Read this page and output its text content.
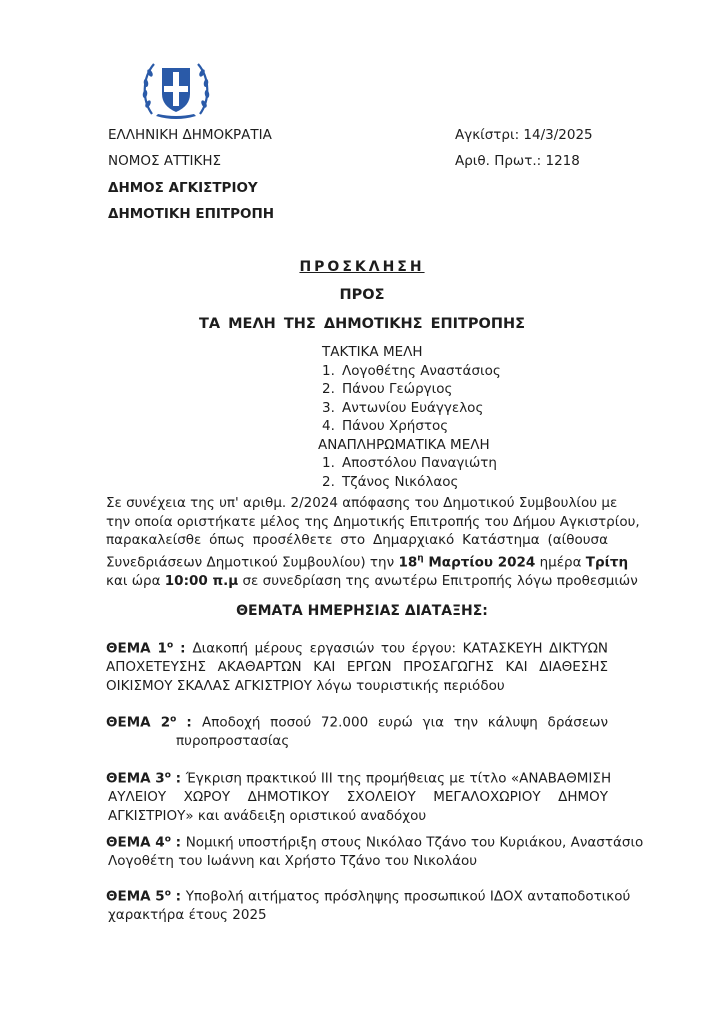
ΕΛΛΗΝΙΚΗ ΔΗΜΟΚΡΑΤΙΑ
ΝΟΜΟΣ ΑΤΤΙΚΗΣ
ΔΗΜΟΣ ΑΓΚΙΣΤΡΙΟΥ
ΔΗΜΟΤΙΚΗ ΕΠΙΤΡΟΠΗ
Αγκίστρι: 14/3/2025
Αριθ. Πρωτ.: 1218
ΠΡΟΣΚΛΗΣΗ
ΠΡΟΣ
ΤΑ ΜΕΛΗ ΤΗΣ ΔΗΜΟΤΙΚΗΣ ΕΠΙΤΡΟΠΗΣ
ΤΑΚΤΙΚΑ ΜΕΛΗ
1. Λογοθέτης Αναστάσιος
2. Πάνου Γεώργιος
3. Αντωνίου Ευάγγελος
4. Πάνου Χρήστος
ΑΝΑΠΛΗΡΩΜΑΤΙΚΑ ΜΕΛΗ
1. Αποστόλου Παναγιώτη
2. Τζάνος Νικόλαος
Σε συνέχεια της υπ' αριθμ. 2/2024 απόφασης του Δημοτικού Συμβουλίου με
την οποία οριστήκατε μέλος της Δημοτικής Επιτροπής του Δήμου Αγκιστρίου,
παρακαλείσθε όπως προσέλθετε στο Δημαρχιακό Κατάστημα (αίθουσα
Συνεδριάσεων Δημοτικού Συμβουλίου) την $18^\eta$ Μαρτίου 2024 ημέρα Τρίτη
και ώρα 10:00 π.μ σε συνεδρίαση της ανωτέρω Επιτροπής λόγω προθεσμιών
ΘΕΜΑΤΑ ΗΜΕΡΗΣΙΑΣ ΔΙΑΤΑΞΗΣ:
ΘΕΜΑ $1^o$ : Διακοπή μέρους εργασιών του έργου: ΚΑΤΑΣΚΕΥΗ ΔΙΚΤΥΩΝ
ΑΠΟΧΕΤΕΥΣΗΣ ΑΚΑΘΑΡΤΩΝ ΚΑΙ ΕΡΓΩΝ ΠΡΟΣΑΓΩΓΗΣ ΚΑΙ ΔΙΑΘΕΣΗΣ
ΟΙΚΙΣΜΟΥ ΣΚΑΛΑΣ ΑΓΚΙΣΤΡΙΟΥ λόγω τουριστικής περιόδου
ΘΕΜΑ $2^o$ : Αποδοχή ποσού 72.000 ευρώ για την κάλυψη δράσεων
πυροπροστασίας
ΘΕΜΑ $3^o$ : Έγκριση πρακτικού ΙΙΙ της προμήθειας με τίτλο «ΑΝΑΒΑΘΜΙΣΗ
ΑΥΛΕΙΟΥ ΧΩΡΟΥ ΔΗΜΟΤΙΚΟΥ ΣΧΟΛΕΙΟΥ ΜΕΓΑΛΟΧΩΡΙΟΥ ΔΗΜΟΥ
ΑΓΚΙΣΤΡΙΟΥ» και ανάδειξη οριστικού αναδόχου
ΘΕΜΑ $4^o$ : Νομική υποστήριξη στους Νικόλαο Τζάνο του Κυριάκου, Αναστάσιο
Λογοθέτη του Ιωάννη και Χρήστο Τζάνο του Νικολάου
ΘΕΜΑ $5^o$ : Υποβολή αιτήματος πρόσληψης προσωπικού ΙΔΟΧ ανταποδοτικού
χαρακτήρα έτους 2025
